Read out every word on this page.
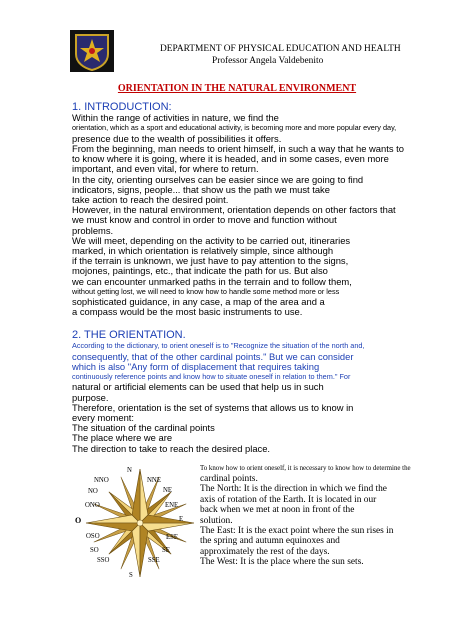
DEPARTMENT OF PHYSICAL EDUCATION AND HEALTH
Professor Angela Valdebenito
ORIENTATION IN THE NATURAL ENVIRONMENT
1. INTRODUCTION:

Within the range of activities in nature, we find the

orientation, which as a sport and educational activity, is becoming more and more popular every day,

presence due to the wealth of possibilities it offers.

From the beginning, man needs to orient himself, in such a way that he wants to

to know where it is going, where it is headed, and in some cases, even more

important, and even vital, for where to return.

In the city, orienting ourselves can be easier since we are going to find

indicators, signs, people... that show us the path we must take

take action to reach the desired point.

However, in the natural environment, orientation depends on other factors that

we must know and control in order to move and function without

problems.

We will meet, depending on the activity to be carried out, itineraries

marked, in which orientation is relatively simple, since although

if the terrain is unknown, we just have to pay attention to the signs,

mojones, paintings, etc., that indicate the path for us. But also

we can encounter unmarked paths in the terrain and to follow them,

without getting lost, we will need to know how to handle some method more or less

sophisticated guidance, in any case, a map of the area and a

a compass would be the most basic instruments to use.

2. THE ORIENTATION.

According to the dictionary, to orient oneself is to "Recognize the situation of the north and,

consequently, that of the other cardinal points." But we can consider

which is also "Any form of displacement that requires taking

continuously reference points and know how to situate oneself in relation to them." For

natural or artificial elements can be used that help us in such

purpose.

Therefore, orientation is the set of systems that allows us to know in

every moment:

The situation of the cardinal points

The place where we are

The direction to take to reach the desired place.

N
NNO	NNE
NO	NE
ONO	ENE
O	E
OSO	ESE
SO	SE
SSO	SSE
S

To know how to orient oneself, it is necessary to know how to determine the

cardinal points.

The North: It is the direction in which we find the

axis of rotation of the Earth. It is located in our

back when we met at noon in front of the

solution.

The East: It is the exact point where the sun rises in

the spring and autumn equinoxes and

approximately the rest of the days.

The West: It is the place where the sun sets.
